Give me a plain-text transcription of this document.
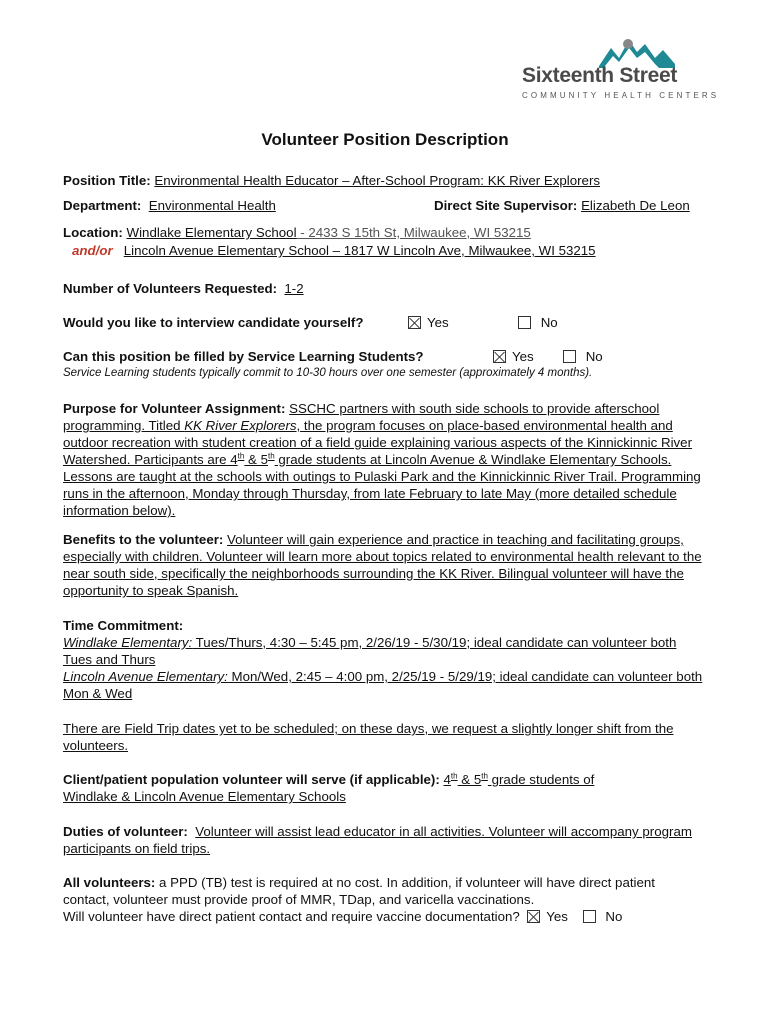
Sixteenth Street
COMMUNITY HEALTH CENTERS
Volunteer Position Description
Position Title: Environmental Health Educator – After-School Program: KK River Explorers
Department: Environmental Health	Direct Site Supervisor: Elizabeth De Leon
Location: Windlake Elementary School - 2433 S 15th St, Milwaukee, WI 53215
and/or Lincoln Avenue Elementary School – 1817 W Lincoln Ave, Milwaukee, WI 53215
Number of Volunteers Requested: 1-2
Would you like to interview candidate yourself?	Yes	No
Can this position be filled by Service Learning Students?	Yes	No
Service Learning students typically commit to 10-30 hours over one semester (approximately 4 months).
Purpose for Volunteer Assignment: SSCHC partners with south side schools to provide afterschool programming. Titled KK River Explorers, the program focuses on place-based environmental health and outdoor recreation with student creation of a field guide explaining various aspects of the Kinnickinnic River Watershed. Participants are 4th & 5th grade students at Lincoln Avenue & Windlake Elementary Schools. Lessons are taught at the schools with outings to Pulaski Park and the Kinnickinnic River Trail. Programming runs in the afternoon, Monday through Thursday, from late February to late May (more detailed schedule information below).
Benefits to the volunteer: Volunteer will gain experience and practice in teaching and facilitating groups, especially with children. Volunteer will learn more about topics related to environmental health relevant to the near south side, specifically the neighborhoods surrounding the KK River. Bilingual volunteer will have the opportunity to speak Spanish.
Time Commitment:
Windlake Elementary: Tues/Thurs, 4:30 – 5:45 pm, 2/26/19 - 5/30/19; ideal candidate can volunteer both Tues and Thurs
Lincoln Avenue Elementary: Mon/Wed, 2:45 – 4:00 pm, 2/25/19 - 5/29/19; ideal candidate can volunteer both Mon & Wed
There are Field Trip dates yet to be scheduled; on these days, we request a slightly longer shift from the volunteers.
Client/patient population volunteer will serve (if applicable): 4th & 5th grade students of
Windlake & Lincoln Avenue Elementary Schools
Duties of volunteer: Volunteer will assist lead educator in all activities. Volunteer will accompany program participants on field trips.
All volunteers: a PPD (TB) test is required at no cost. In addition, if volunteer will have direct patient
contact, volunteer must provide proof of MMR, TDap, and varicella vaccinations.
Will volunteer have direct patient contact and require vaccine documentation? Yes	No
